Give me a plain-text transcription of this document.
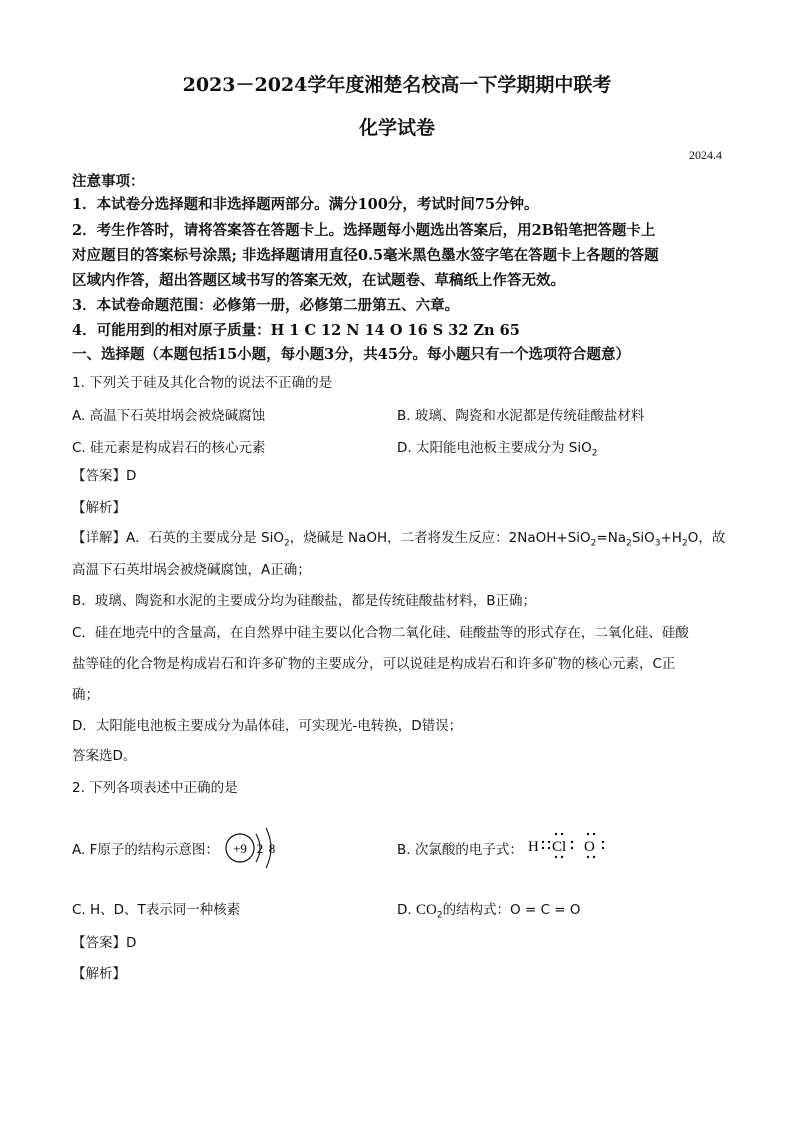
2023－2024学年度湘楚名校高一下学期期中联考
化学试卷
2024.4
注意事项：
1．本试卷分选择题和非选择题两部分。满分100分，考试时间75分钟。
2．考生作答时，请将答案答在答题卡上。选择题每小题选出答案后，用2B铅笔把答题卡上
对应题目的答案标号涂黑; 非选择题请用直径0.5毫米黑色墨水签字笔在答题卡上各题的答题
区域内作答，超出答题区域书写的答案无效，在试题卷、草稿纸上作答无效。
3．本试卷命题范围：必修第一册，必修第二册第五、六章。
4．可能用到的相对原子质量：H 1 C 12 N 14 O 16 S 32 Zn 65
一、选择题（本题包括15小题，每小题3分，共45分。每小题只有一个选项符合题意）
1. 下列关于硅及其化合物的说法不正确的是
A. 高温下石英坩埚会被烧碱腐蚀	B. 玻璃、陶瓷和水泥都是传统硅酸盐材料
C. 硅元素是构成岩石的核心元素	D. 太阳能电池板主要成分为 SiO$_2$
【答案】D
【解析】
【详解】A．石英的主要成分是 SiO$_2$，烧碱是 NaOH，二者将发生反应：$2NaOH+SiO_2=Na_2SiO_3+H_2O$，故
高温下石英坩埚会被烧碱腐蚀，A正确；
B．玻璃、陶瓷和水泥的主要成分均为硅酸盐，都是传统硅酸盐材料，B正确；
C．硅在地壳中的含量高，在自然界中硅主要以化合物二氧化硅、硅酸盐等的形式存在，二氧化硅、硅酸
盐等硅的化合物是构成岩石和许多矿物的主要成分，可以说硅是构成岩石和许多矿物的核心元素，C正
确；
D．太阳能电池板主要成分为晶体硅，可实现光-电转换，D错误；
答案选D。
2. 下列各项表述中正确的是
A. F原子的结构示意图： +9 2 8	B. 次氯酸的电子式： H Cl O
C. H、D、T表示同一种核素	D. $CO_2$的结构式：O = C = O
【答案】D
【解析】
